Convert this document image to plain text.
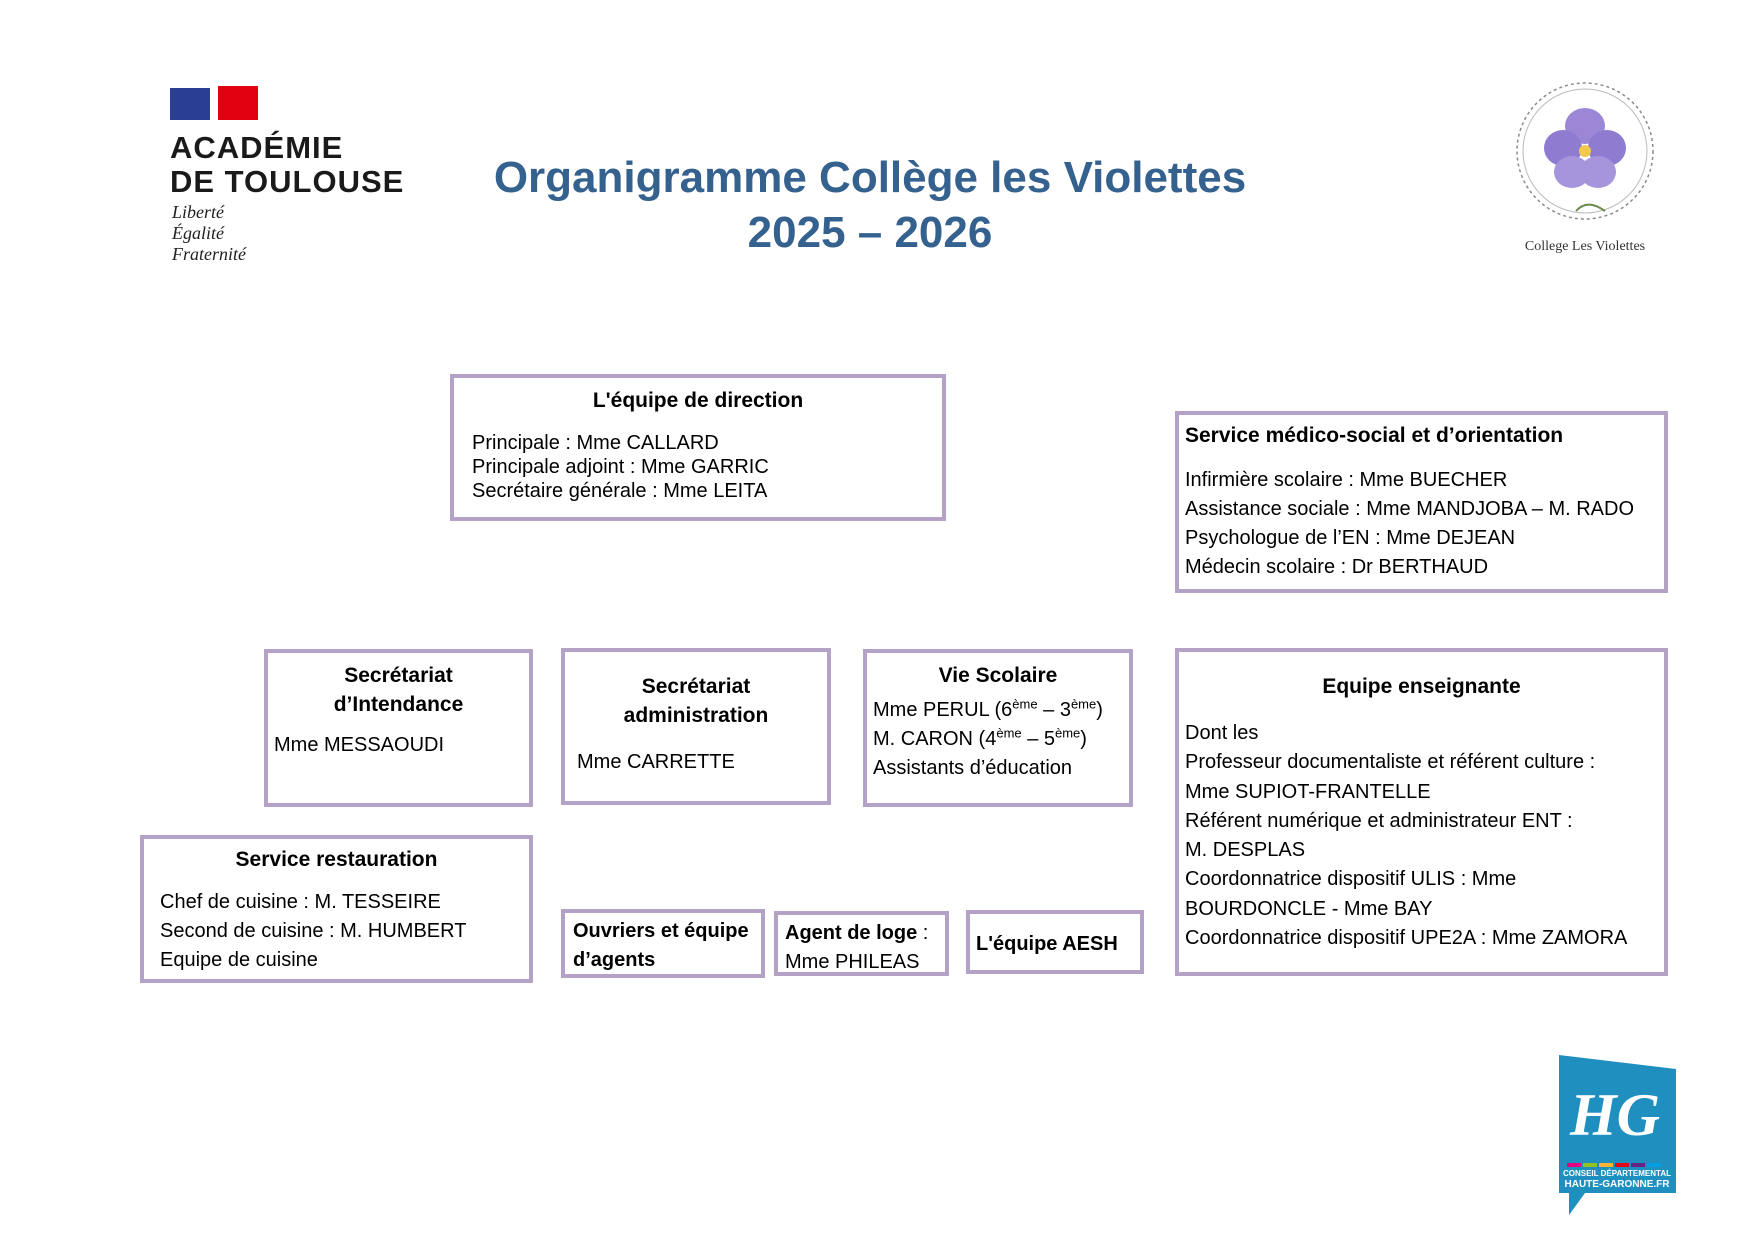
ACADÉMIE
DE TOULOUSE
Liberté
Égalité
Fraternité
Organigramme Collège les Violettes
2025 – 2026	College Les Violettes
L'équipe de direction
Principale : Mme CALLARD
Principale adjoint : Mme GARRIC
Secrétaire générale : Mme LEITA
Service médico-social et d’orientation
Infirmière scolaire : Mme BUECHER
Assistance sociale : Mme MANDJOBA – M. RADO
Psychologue de l’EN : Mme DEJEAN
Médecin scolaire : Dr BERTHAUD
Secrétariat
d’Intendance
Mme MESSAOUDI
Secrétariat
administration
Mme CARRETTE
Vie Scolaire
Mme PERUL (6ème – 3ème)
M. CARON (4ème – 5ème)
Assistants d’éducation
Equipe enseignante
Dont les
Professeur documentaliste et référent culture :
Mme SUPIOT-FRANTELLE
Référent numérique et administrateur ENT :
M. DESPLAS
Coordonnatrice dispositif ULIS : Mme
BOURDONCLE - Mme BAY
Coordonnatrice dispositif UPE2A : Mme ZAMORA
Service restauration
Chef de cuisine : M. TESSEIRE
Second de cuisine : M. HUMBERT
Equipe de cuisine
Ouvriers et équipe
d’agents
Agent de loge :
Mme PHILEAS
L'équipe AESH
HG
CONSEIL DÉPARTEMENTAL
HAUTE-GARONNE.FR
